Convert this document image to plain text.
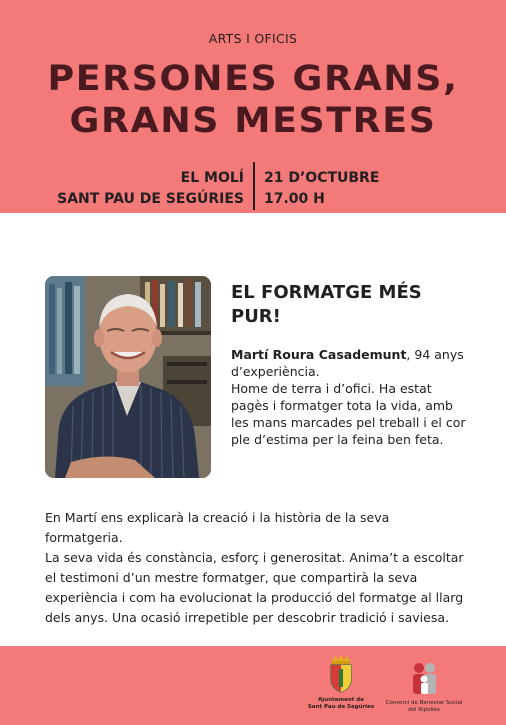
ARTS I OFICIS
PERSONES GRANS,
GRANS MESTRES
EL MOLÍ
SANT PAU DE SEGÚRIES
21 D’OCTUBRE
17.00 H
EL FORMATGE MÉS
PUR!
Martí Roura Casademunt, 94 anys
d’experiència.
Home de terra i d’ofici. Ha estat
pagès i formatger tota la vida, amb
les mans marcades pel treball i el cor
ple d’estima per la feina ben feta.
En Martí ens explicarà la creació i la història de la seva formatgeria.
La seva vida és constància, esforç i generositat. Anima’t a escoltar
el testimoni d’un mestre formatger, que compartirà la seva
experiència i com ha evolucionat la producció del formatge al llarg
dels anys. Una ocasió irrepetible per descobrir tradició i saviesa.
Ajuntament de
Sant Pau de Segúries
Consorci de Benestar Social
del Ripollès
